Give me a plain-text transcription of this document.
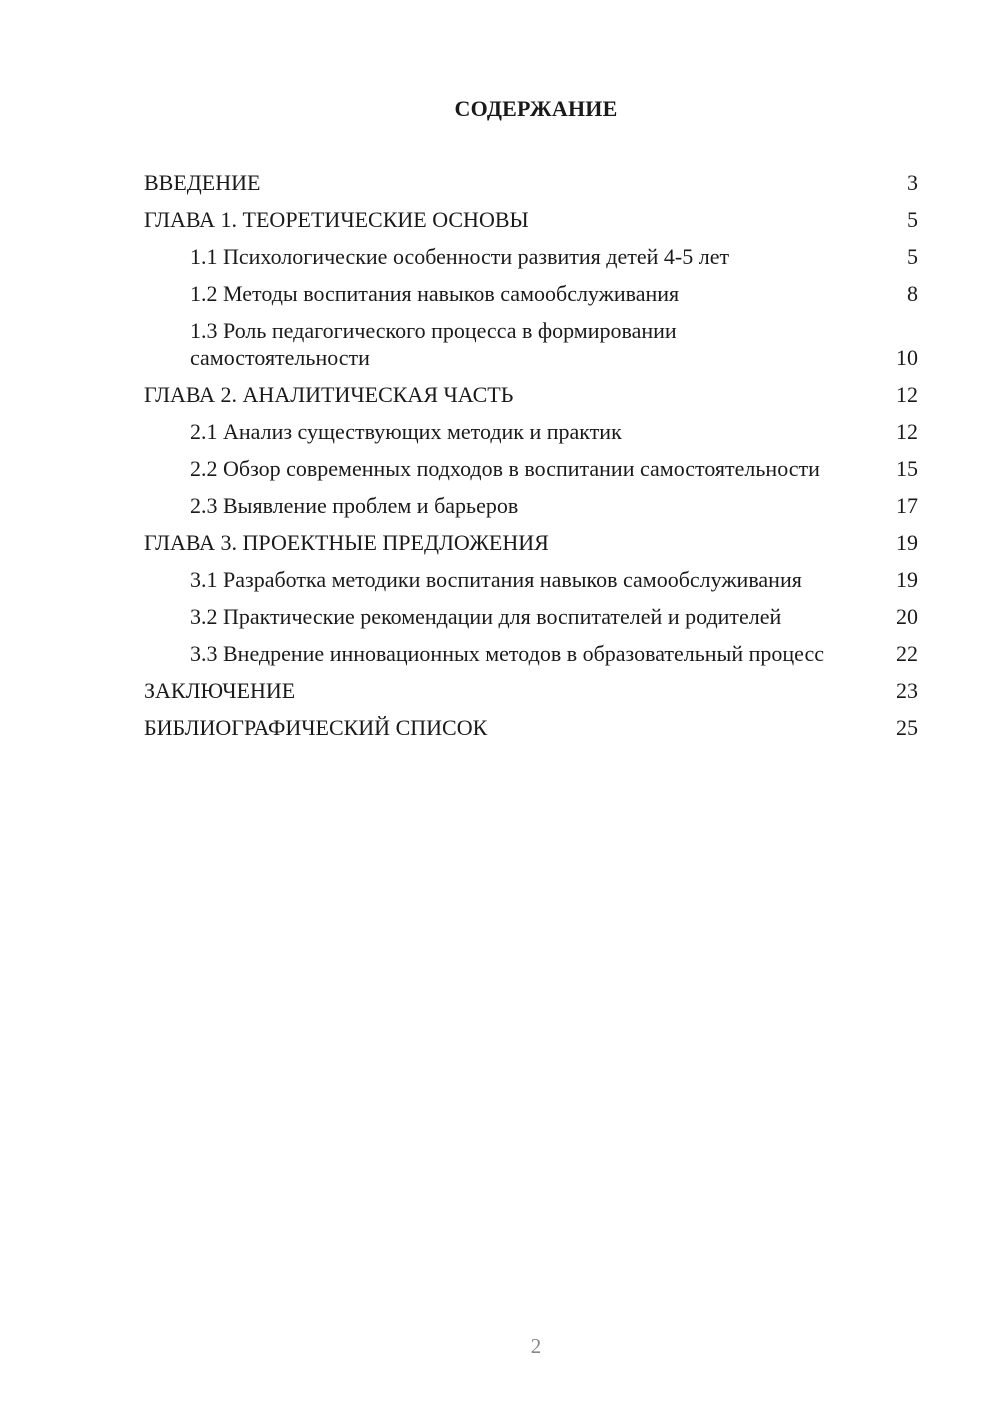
СОДЕРЖАНИЕ
ВВЕДЕНИЕ	3
ГЛАВА 1. ТЕОРЕТИЧЕСКИЕ ОСНОВЫ	5
1.1 Психологические особенности развития детей 4-5 лет	5
1.2 Методы воспитания навыков самообслуживания	8
1.3 Роль педагогического процесса в формировании самостоятельности	10
ГЛАВА 2. АНАЛИТИЧЕСКАЯ ЧАСТЬ	12
2.1 Анализ существующих методик и практик	12
2.2 Обзор современных подходов в воспитании самостоятельности	15
2.3 Выявление проблем и барьеров	17
ГЛАВА 3. ПРОЕКТНЫЕ ПРЕДЛОЖЕНИЯ	19
3.1 Разработка методики воспитания навыков самообслуживания	19
3.2 Практические рекомендации для воспитателей и родителей	20
3.3 Внедрение инновационных методов в образовательный процесс	22
ЗАКЛЮЧЕНИЕ	23
БИБЛИОГРАФИЧЕСКИЙ СПИСОК	25
2
